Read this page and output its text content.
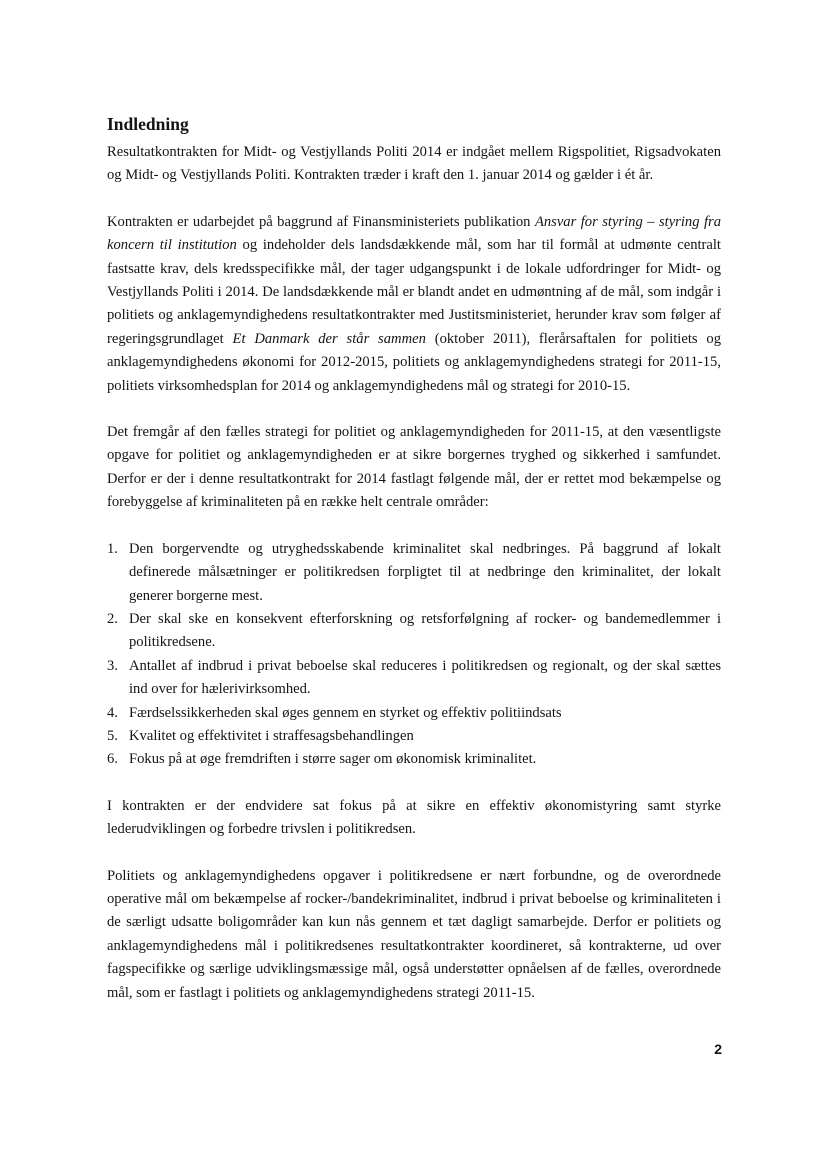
Indledning

Resultatkontrakten for Midt- og Vestjyllands Politi 2014 er indgået mellem Rigspolitiet, Rigsadvokaten og Midt- og Vestjyllands Politi. Kontrakten træder i kraft den 1. januar 2014 og gælder i ét år.

Kontrakten er udarbejdet på baggrund af Finansministeriets publikation Ansvar for styring – styring fra koncern til institution og indeholder dels landsdækkende mål, som har til formål at udmønte centralt fastsatte krav, dels kredsspecifikke mål, der tager udgangspunkt i de lokale udfordringer for Midt- og Vestjyllands Politi i 2014. De landsdækkende mål er blandt andet en udmøntning af de mål, som indgår i politiets og anklagemyndighedens resultatkontrakter med Justitsministeriet, herunder krav som følger af regeringsgrundlaget Et Danmark der står sammen (oktober 2011), flerårsaftalen for politiets og anklagemyndighedens økonomi for 2012-2015, politiets og anklagemyndighedens strategi for 2011-15, politiets virksomhedsplan for 2014 og anklagemyndighedens mål og strategi for 2010-15.

Det fremgår af den fælles strategi for politiet og anklagemyndigheden for 2011-15, at den væsentligste opgave for politiet og anklagemyndigheden er at sikre borgernes tryghed og sikkerhed i samfundet. Derfor er der i denne resultatkontrakt for 2014 fastlagt følgende mål, der er rettet mod bekæmpelse og forebyggelse af kriminaliteten på en række helt centrale områder:

1. Den borgervendte og utryghedsskabende kriminalitet skal nedbringes. På baggrund af lokalt definerede målsætninger er politikredsen forpligtet til at nedbringe den kriminalitet, der lokalt generer borgerne mest.
2. Der skal ske en konsekvent efterforskning og retsforfølgning af rocker- og bandemedlemmer i politikredsene.
3. Antallet af indbrud i privat beboelse skal reduceres i politikredsen og regionalt, og der skal sættes ind over for hælerivirksomhed.
4. Færdselssikkerheden skal øges gennem en styrket og effektiv politiindsats
5. Kvalitet og effektivitet i straffesagsbehandlingen
6. Fokus på at øge fremdriften i større sager om økonomisk kriminalitet.

I kontrakten er der endvidere sat fokus på at sikre en effektiv økonomistyring samt styrke lederudviklingen og forbedre trivslen i politikredsen.

Politiets og anklagemyndighedens opgaver i politikredsene er nært forbundne, og de overordnede operative mål om bekæmpelse af rocker-/bandekriminalitet, indbrud i privat beboelse og kriminaliteten i de særligt udsatte boligområder kan kun nås gennem et tæt dagligt samarbejde. Derfor er politiets og anklagemyndighedens mål i politikredsenes resultatkontrakter koordineret, så kontrakterne, ud over fagspecifikke og særlige udviklingsmæssige mål, også understøtter opnåelsen af de fælles, overordnede mål, som er fastlagt i politiets og anklagemyndighedens strategi 2011-15.

2
